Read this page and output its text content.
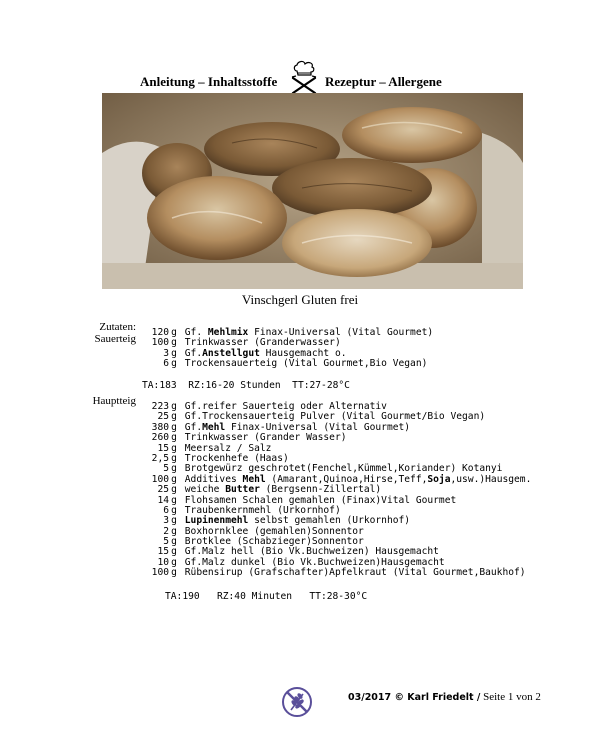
Anleitung – Inhaltsstoffe	Rezeptur – Allergene
Vinschgerl Gluten frei
Zutaten:
Sauerteig
Hauptteig
120 g Gf. Mehlmix Finax-Universal (Vital Gourmet)
100 g Trinkwasser (Granderwasser)
3 g Gf.Anstellgut Hausgemacht o.
6 g Trockensauerteig (Vital Gourmet,Bio Vegan)
TA:183  RZ:16-20 Stunden  TT:27-28°C
223 g Gf.reifer Sauerteig oder Alternativ
25 g Gf.Trockensauerteig Pulver (Vital Gourmet/Bio Vegan)
380 g Gf.Mehl Finax-Universal (Vital Gourmet)
260 g Trinkwasser (Grander Wasser)
15 g Meersalz / Salz
2,5 g Trockenhefe (Haas)
5 g Brotgewürz geschrotet(Fenchel,Kümmel,Koriander) Kotanyi
100 g Additives Mehl (Amarant,Quinoa,Hirse,Teff,Soja,usw.)Hausgem.
25 g weiche Butter (Bergsenn-Zillertal)
14 g Flohsamen Schalen gemahlen (Finax)Vital Gourmet
6 g Traubenkernmehl (Urkornhof)
3 g Lupinenmehl selbst gemahlen (Urkornhof)
2 g Boxhornklee (gemahlen)Sonnentor
5 g Brotklee (Schabzieger)Sonnentor
15 g Gf.Malz hell (Bio Vk.Buchweizen) Hausgemacht
10 g Gf.Malz dunkel (Bio Vk.Buchweizen)Hausgemacht
100 g Rübensirup (Grafschafter)Apfelkraut (Vital Gourmet,Baukhof)
TA:190   RZ:40 Minuten   TT:28-30°C
03/2017 © Karl Friedelt / Seite 1 von 2
